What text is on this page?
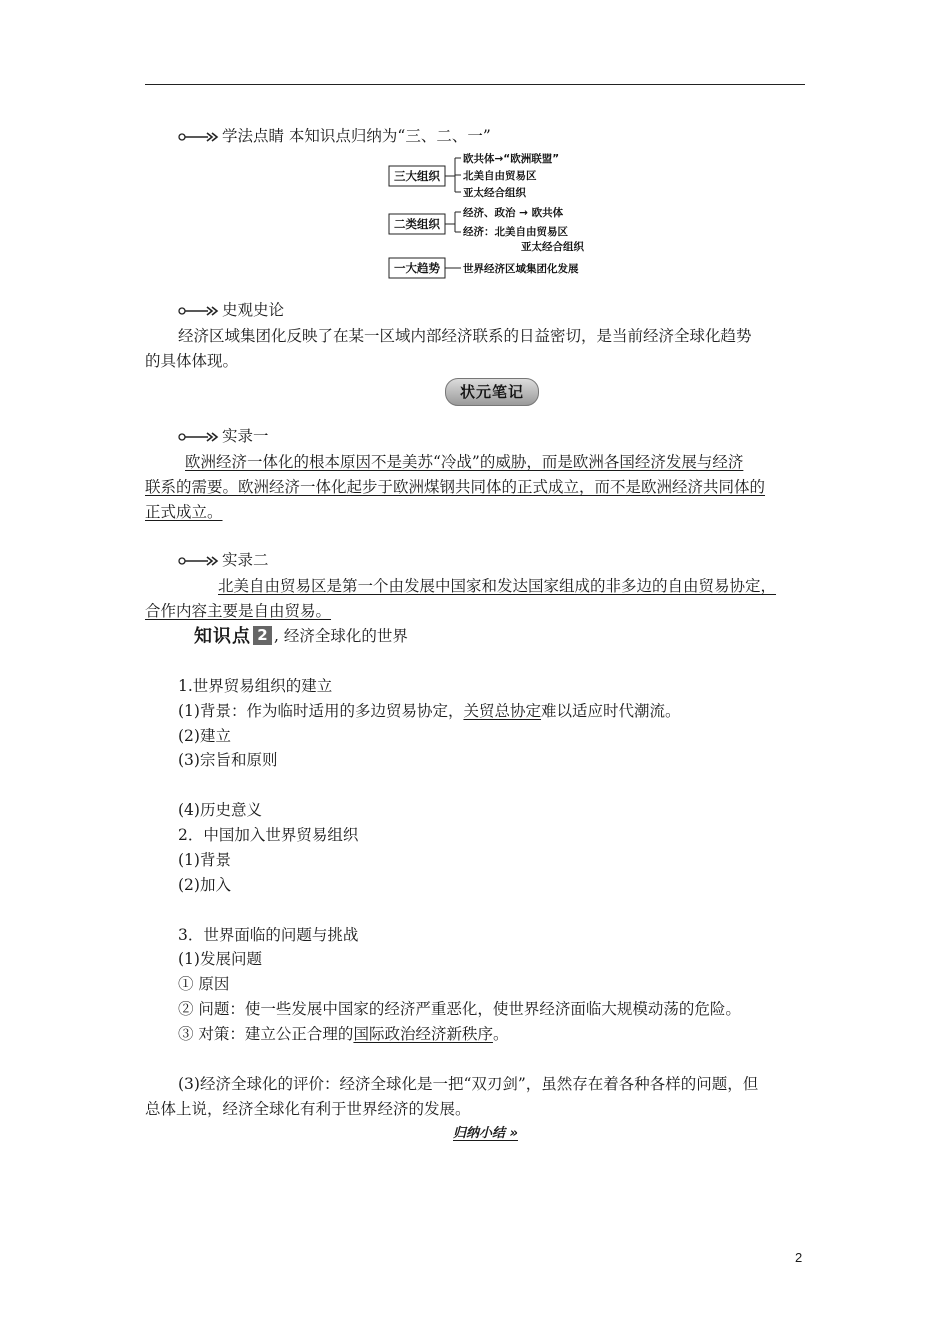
学法点睛 本知识点归纳为“三、二、一”
三大组织
欧共体→“欧洲联盟”
北美自由贸易区
亚太经合组织
二类组织
经济、政治 → 欧共体
经济：北美自由贸易区
亚太经合组织
一大趋势 世界经济区域集团化发展
史观史论
经济区域集团化反映了在某一区域内部经济联系的日益密切，是当前经济全球化趋势
的具体体现。
状元笔记
实录一
欧洲经济一体化的根本原因不是美苏“冷战”的威胁，而是欧洲各国经济发展与经济
联系的需要。欧洲经济一体化起步于欧洲煤钢共同体的正式成立，而不是欧洲经济共同体的
正式成立。
实录二
北美自由贸易区是第一个由发展中国家和发达国家组成的非多边的自由贸易协定，
合作内容主要是自由贸易。
知识点 2 , 经济全球化的世界
1.世界贸易组织的建立
(1)背景：作为临时适用的多边贸易协定，关贸总协定难以适应时代潮流。
(2)建立
(3)宗旨和原则
(4)历史意义
2．中国加入世界贸易组织
(1)背景
(2)加入
3．世界面临的问题与挑战
(1)发展问题
① 原因
② 问题：使一些发展中国家的经济严重恶化，使世界经济面临大规模动荡的危险。
③ 对策：建立公正合理的国际政治经济新秩序。
(3)经济全球化的评价：经济全球化是一把“双刃剑”，虽然存在着各种各样的问题，但
总体上说，经济全球化有利于世界经济的发展。
归纳小结 »
2
